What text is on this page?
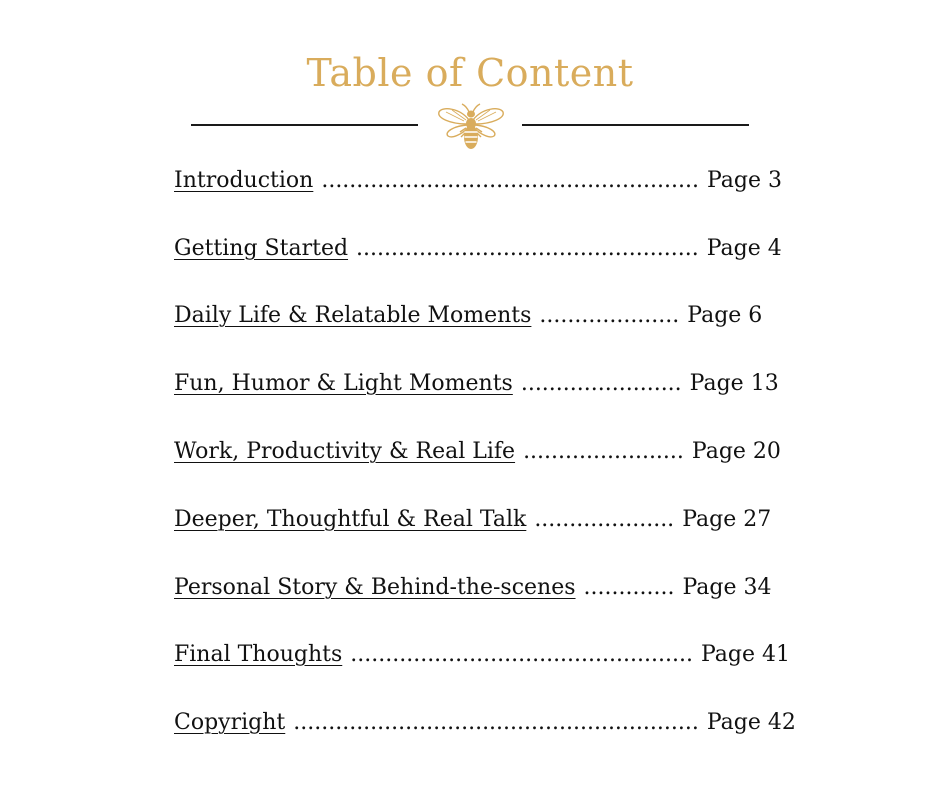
Table of Content
Introduction ...................................................... Page 3
Getting Started ................................................. Page 4
Daily Life & Relatable Moments .................... Page 6
Fun, Humor & Light Moments ....................... Page 13
Work, Productivity & Real Life ....................... Page 20
Deeper, Thoughtful & Real Talk .................... Page 27
Personal Story & Behind-the-scenes ............. Page 34
Final Thoughts ................................................. Page 41
Copyright .......................................................... Page 42
